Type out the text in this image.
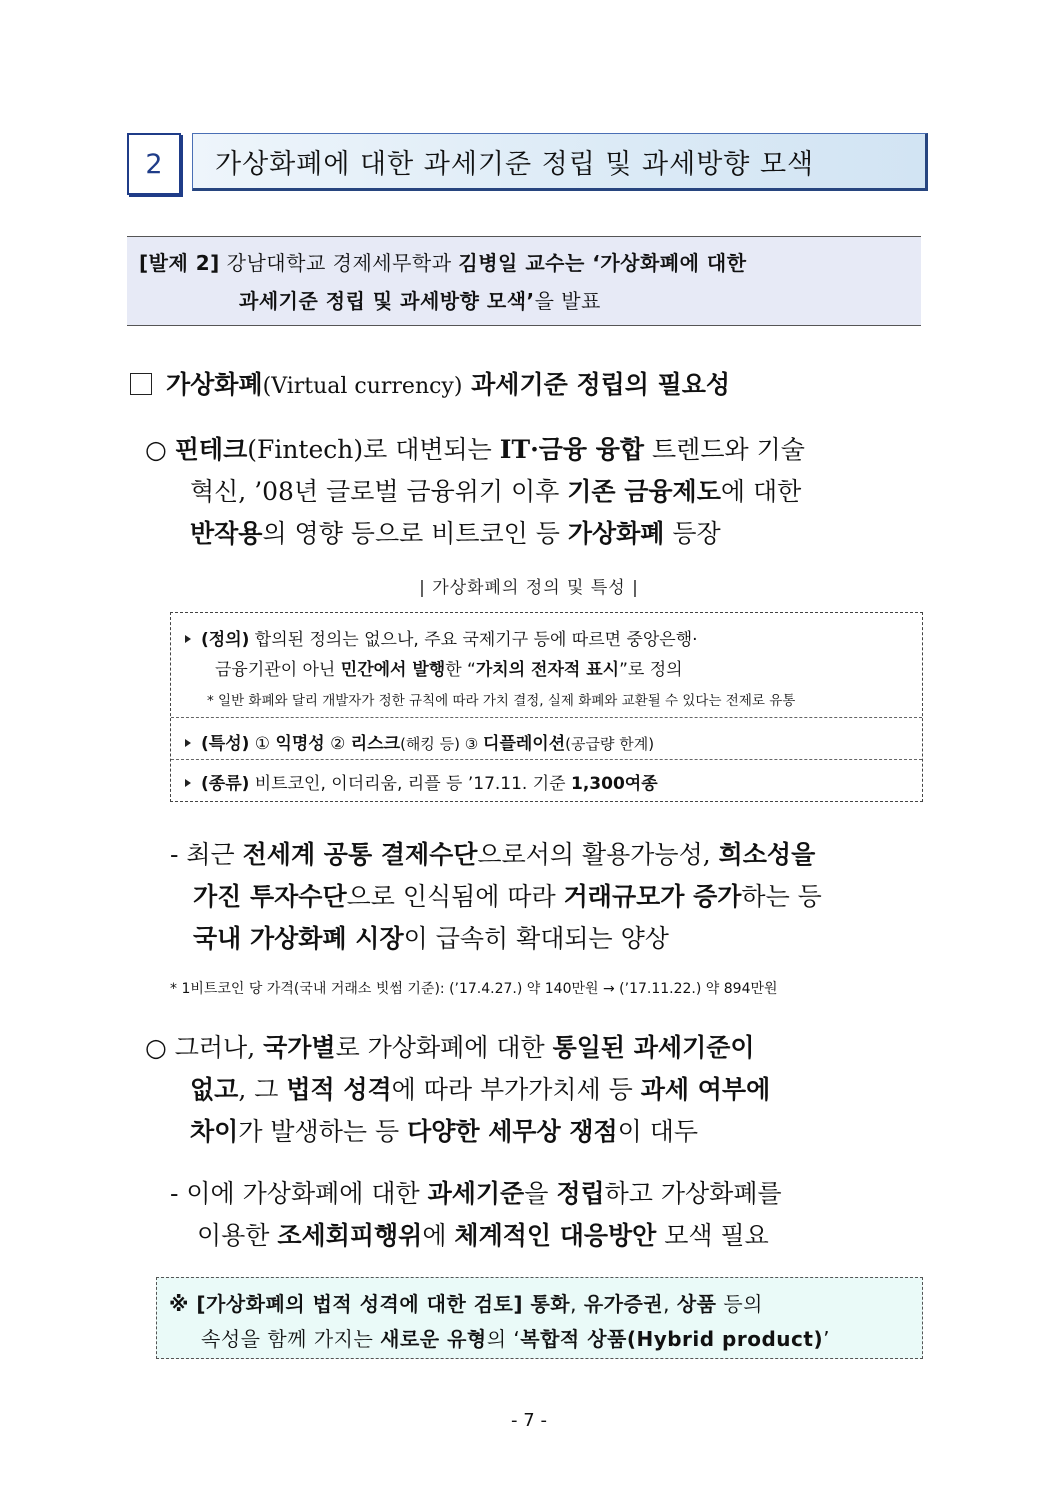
2	가상화폐에 대한 과세기준 정립 및 과세방향 모색
[발제 2] 강남대학교 경제세무학과 김병일 교수는 ‘가상화폐에 대한
과세기준 정립 및 과세방향 모색’을 발표
가상화폐(Virtual currency) 과세기준 정립의 필요성
○ 핀테크(Fintech)로 대변되는 IT·금융 융합 트렌드와 기술
혁신, ’08년 글로벌 금융위기 이후 기존 금융제도에 대한
반작용의 영향 등으로 비트코인 등 가상화폐 등장
| 가상화폐의 정의 및 특성 |
(정의) 합의된 정의는 없으나, 주요 국제기구 등에 따르면 중앙은행·
금융기관이 아닌 민간에서 발행한 “가치의 전자적 표시”로 정의
* 일반 화폐와 달리 개발자가 정한 규칙에 따라 가치 결정, 실제 화폐와 교환될 수 있다는 전제로 유통
(특성) ① 익명성 ② 리스크(해킹 등) ③ 디플레이션(공급량 한계)
(종류) 비트코인, 이더리움, 리플 등 ’17.11. 기준 1,300여종
- 최근 전세계 공통 결제수단으로서의 활용가능성, 희소성을
가진 투자수단으로 인식됨에 따라 거래규모가 증가하는 등
국내 가상화폐 시장이 급속히 확대되는 양상
* 1비트코인 당 가격(국내 거래소 빗썸 기준): (’17.4.27.) 약 140만원 → (’17.11.22.) 약 894만원
○ 그러나, 국가별로 가상화폐에 대한 통일된 과세기준이
없고, 그 법적 성격에 따라 부가가치세 등 과세 여부에
차이가 발생하는 등 다양한 세무상 쟁점이 대두
- 이에 가상화폐에 대한 과세기준을 정립하고 가상화폐를
이용한 조세회피행위에 체계적인 대응방안 모색 필요
※ [가상화폐의 법적 성격에 대한 검토] 통화, 유가증권, 상품 등의
속성을 함께 가지는 새로운 유형의 ‘복합적 상품(Hybrid product)’
- 7 -
